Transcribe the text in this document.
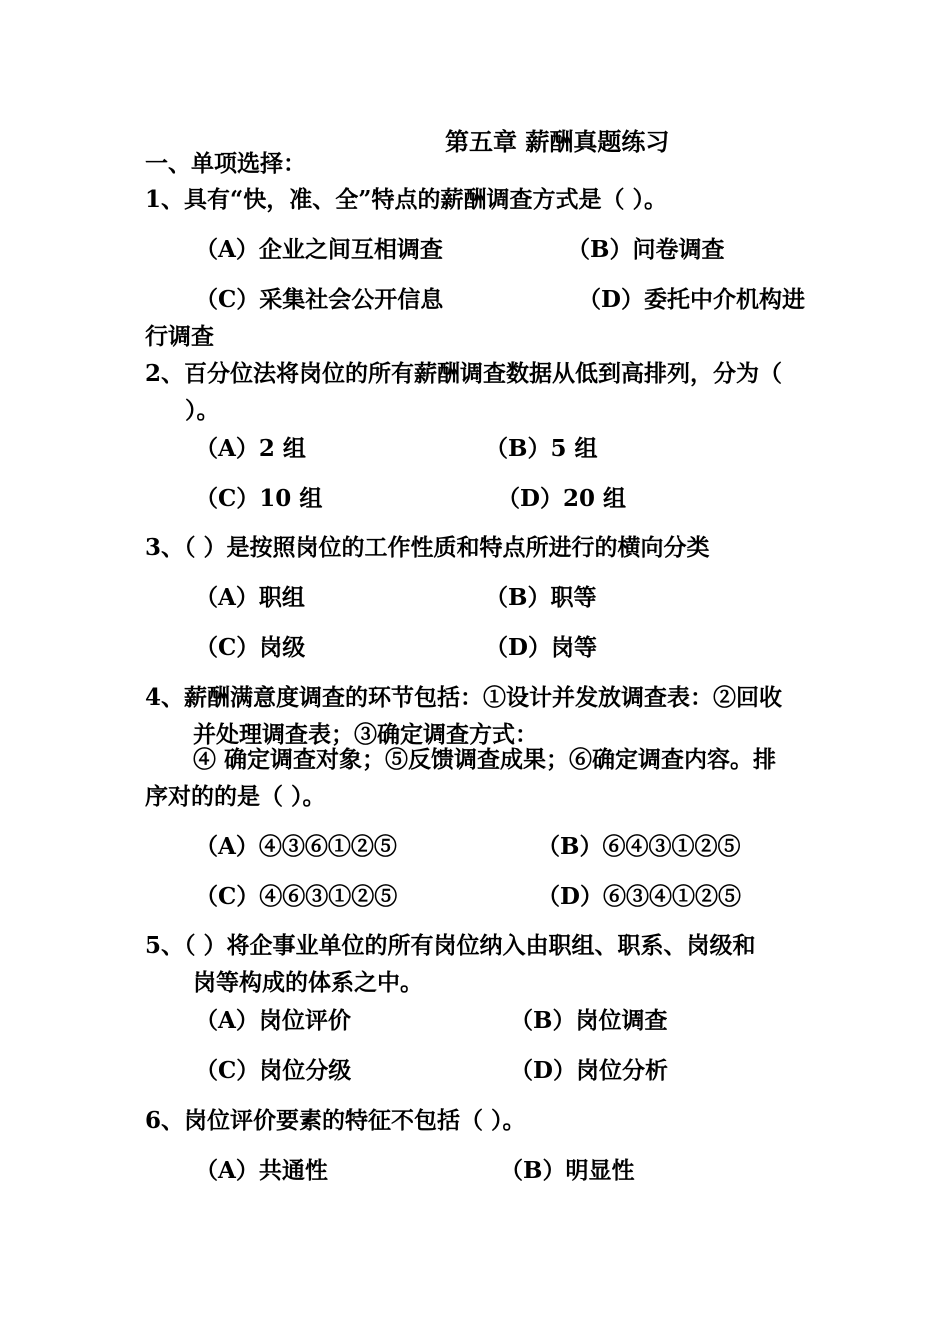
第五章 薪酬真题练习
一、单项选择：
1、具有“快，准、全”特点的薪酬调查方式是（ ）。
（A）企业之间互相调查	（B）问卷调查
（C）采集社会公开信息	（D）委托中介机构进
行调查
2、百分位法将岗位的所有薪酬调查数据从低到高排列，分为（
）。
（A）2 组	（B）5 组
（C）10 组	（D）20 组
3、（ ）是按照岗位的工作性质和特点所进行的横向分类
（A）职组	（B）职等
（C）岗级	（D）岗等
4、薪酬满意度调查的环节包括：①设计并发放调查表：②回收
并处理调查表；③确定调查方式：
④ 确定调查对象；⑤反馈调查成果；⑥确定调查内容。排
序对的的是（ ）。
（A）④③⑥①②⑤	（B）⑥④③①②⑤
（C）④⑥③①②⑤	（D）⑥③④①②⑤
5、（ ）将企事业单位的所有岗位纳入由职组、职系、岗级和
岗等构成的体系之中。
（A）岗位评价	（B）岗位调查
（C）岗位分级	（D）岗位分析
6、岗位评价要素的特征不包括（ ）。
（A）共通性	（B）明显性
